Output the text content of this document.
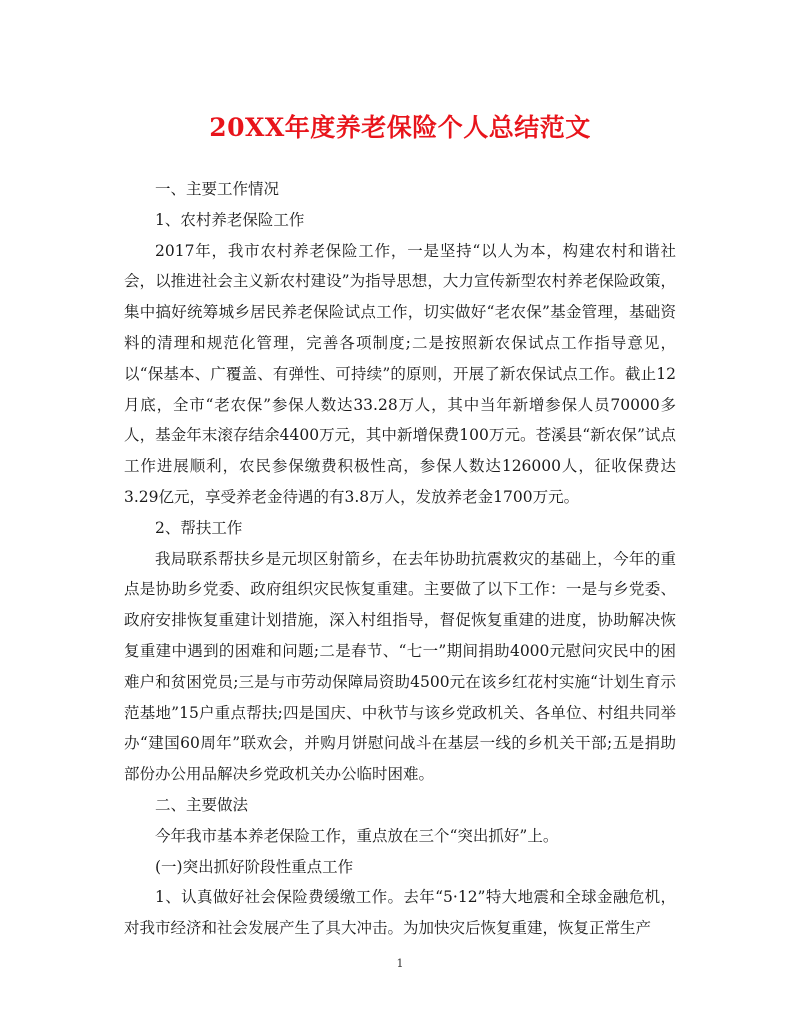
20XX年度养老保险个人总结范文

一、主要工作情况

1、农村养老保险工作

2017年，我市农村养老保险工作，一是坚持“以人为本，构建农村和谐社会，以推进社会主义新农村建设”为指导思想，大力宣传新型农村养老保险政策，集中搞好统筹城乡居民养老保险试点工作，切实做好“老农保”基金管理，基础资料的清理和规范化管理，完善各项制度;二是按照新农保试点工作指导意见，以“保基本、广覆盖、有弹性、可持续”的原则，开展了新农保试点工作。截止12月底，全市“老农保”参保人数达33.28万人，其中当年新增参保人员70000多人，基金年末滚存结余4400万元，其中新增保费100万元。苍溪县“新农保”试点工作进展顺利，农民参保缴费积极性高，参保人数达126000人，征收保费达3.29亿元，享受养老金待遇的有3.8万人，发放养老金1700万元。

2、帮扶工作

我局联系帮扶乡是元坝区射箭乡，在去年协助抗震救灾的基础上，今年的重点是协助乡党委、政府组织灾民恢复重建。主要做了以下工作：一是与乡党委、政府安排恢复重建计划措施，深入村组指导，督促恢复重建的进度，协助解决恢复重建中遇到的困难和问题;二是春节、“七一”期间捐助4000元慰问灾民中的困难户和贫困党员;三是与市劳动保障局资助4500元在该乡红花村实施“计划生育示范基地”15户重点帮扶;四是国庆、中秋节与该乡党政机关、各单位、村组共同举办“建国60周年”联欢会，并购月饼慰问战斗在基层一线的乡机关干部;五是捐助部份办公用品解决乡党政机关办公临时困难。

二、主要做法

今年我市基本养老保险工作，重点放在三个“突出抓好”上。

(一)突出抓好阶段性重点工作

1、认真做好社会保险费缓缴工作。去年“5·12”特大地震和全球金融危机，对我市经济和社会发展产生了具大冲击。为加快灾后恢复重建，恢复正常生产

1
